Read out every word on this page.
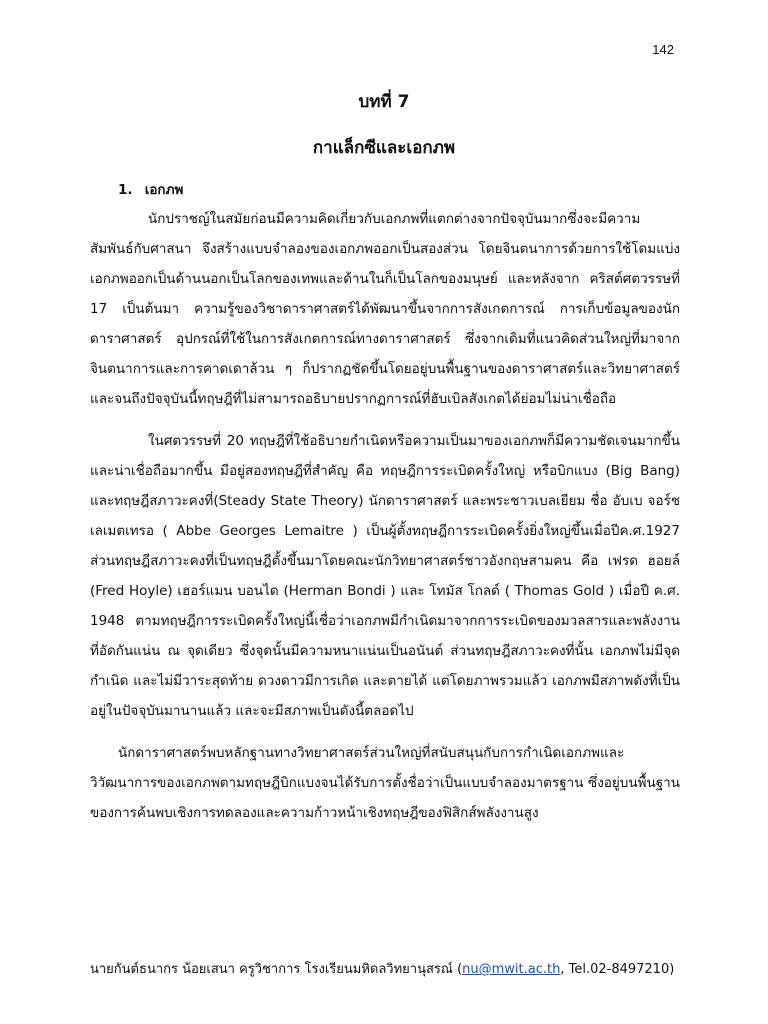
142
บทที่ 7
กาแล็กซีและเอกภพ
1. เอกภพ

นักปราชญ์ในสมัยก่อนมีความคิดเกี่ยวกับเอกภพที่แตกต่างจากปัจจุบันมากซึ่งจะมีความสัมพันธ์กับศาสนา จึงสร้างแบบจำลองของเอกภพออกเป็นสองส่วน โดยจินตนาการด้วยการใช้โดมแบ่งเอกภพออกเป็นด้านนอกเป็นโลกของเทพและด้านในก็เป็นโลกของมนุษย์ และหลังจาก คริสต์ศตวรรษที่ 17 เป็นต้นมา ความรู้ของวิชาดาราศาสตร์ได้พัฒนาขึ้นจากการสังเกตการณ์ การเก็บข้อมูลของนักดาราศาสตร์ อุปกรณ์ที่ใช้ในการสังเกตการณ์ทางดาราศาสตร์ ซึ่งจากเดิมที่แนวคิดส่วนใหญ่ที่มาจากจินตนาการและการคาดเดาล้วน ๆ ก็ปรากฏชัดขึ้นโดยอยู่บนพื้นฐานของดาราศาสตร์และวิทยาศาสตร์ และจนถึงปัจจุบันนี้ทฤษฎีที่ไม่สามารถอธิบายปรากฏการณ์ที่ฮับเบิลสังเกตได้ย่อมไม่น่าเชื่อถือ

ในศตวรรษที่ 20 ทฤษฎีที่ใช้อธิบายกำเนิดหรือความเป็นมาของเอกภพก็มีความชัดเจนมากขึ้นและน่าเชื่อถือมากขึ้น มีอยู่สองทฤษฎีที่สำคัญ คือ ทฤษฎีการระเบิดครั้งใหญ่ หรือบิกแบง (Big Bang) และทฤษฎีสภาวะคงที่(Steady State Theory) นักดาราศาสตร์ และพระชาวเบลเยียม ชื่อ อับเบ จอร์ช เลเมตเทรอ ( Abbe Georges Lemaitre ) เป็นผู้ตั้งทฤษฎีการระเบิดครั้งยิ่งใหญ่ขึ้นเมื่อปีค.ศ.1927 ส่วนทฤษฎีสภาวะคงที่เป็นทฤษฎีตั้งขึ้นมาโดยคณะนักวิทยาศาสตร์ชาวอังกฤษสามคน คือ เฟรด ฮอยล์ (Fred Hoyle) เฮอร์แมน บอนได (Herman Bondi ) และ โทมัส โกลด์ ( Thomas Gold ) เมื่อปี ค.ศ. 1948 ตามทฤษฎีการระเบิดครั้งใหญ่นี้เชื่อว่าเอกภพมีกำเนิดมาจากการระเบิดของมวลสารและพลังงานที่อัดกันแน่น ณ จุดเดียว ซึ่งจุดนั้นมีความหนาแน่นเป็นอนันต์ ส่วนทฤษฎีสภาวะคงที่นั้น เอกภพไม่มีจุดกำเนิด และไม่มีวาระสุดท้าย ดวงดาวมีการเกิด และตายได้ แต่โดยภาพรวมแล้ว เอกภพมีสภาพดังที่เป็นอยู่ในปัจจุบันมานานแล้ว และจะมีสภาพเป็นดังนี้ตลอดไป

นักดาราศาสตร์พบหลักฐานทางวิทยาศาสตร์ส่วนใหญ่ที่สนับสนุนกับการกำเนิดเอกภพและวิวัฒนาการของเอกภพตามทฤษฎีบิกแบงจนได้รับการตั้งชื่อว่าเป็นแบบจำลองมาตรฐาน ซึ่งอยู่บนพื้นฐานของการค้นพบเชิงการทดลองและความก้าวหน้าเชิงทฤษฎีของฟิสิกส์พลังงานสูง

นายกันต์ธนากร น้อยเสนา ครูวิชาการ โรงเรียนมหิดลวิทยานุสรณ์ (nu@mwit.ac.th, Tel.02-8497210)
